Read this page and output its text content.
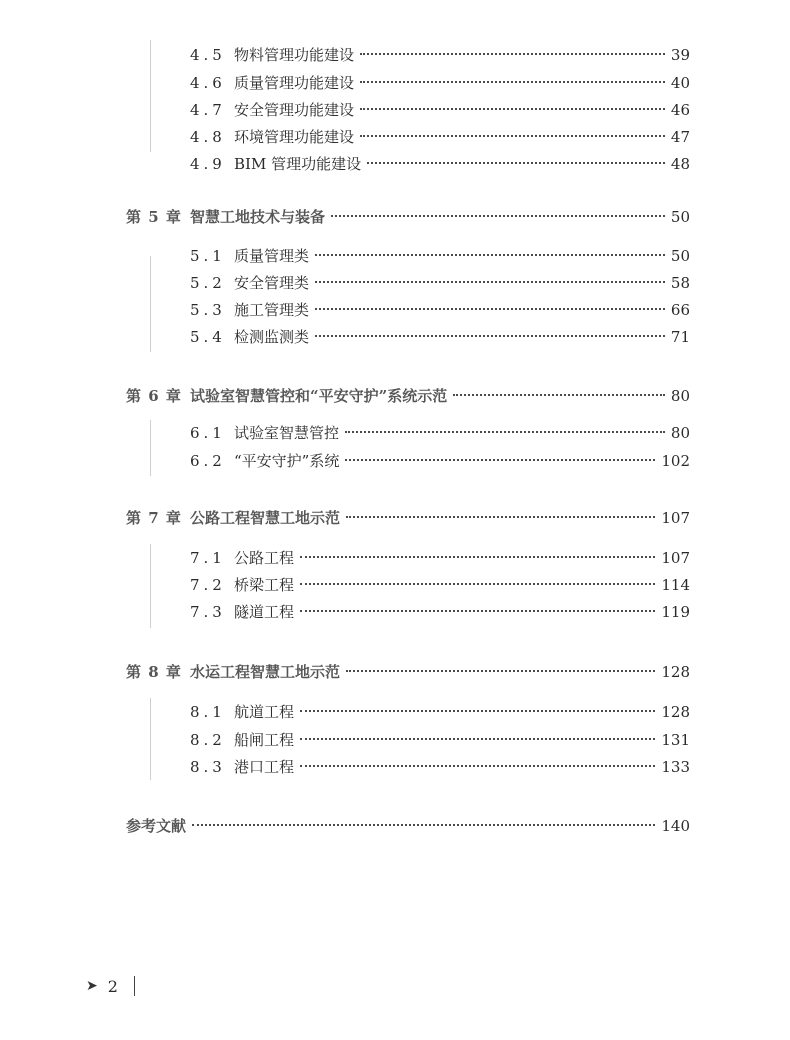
4.5 物料管理功能建设	39
4.6 质量管理功能建设	40
4.7 安全管理功能建设	46
4.8 环境管理功能建设	47
4.9 BIM 管理功能建设	48
第 5 章 智慧工地技术与装备	50
5.1 质量管理类	50
5.2 安全管理类	58
5.3 施工管理类	66
5.4 检测监测类	71
第 6 章 试验室智慧管控和“平安守护”系统示范	80
6.1 试验室智慧管控	80
6.2 “平安守护”系统	102
第 7 章 公路工程智慧工地示范	107
7.1 公路工程	107
7.2 桥梁工程	114
7.3 隧道工程	119
第 8 章 水运工程智慧工地示范	128
8.1 航道工程	128
8.2 船闸工程	131
8.3 港口工程	133
参考文献	140
➤ 2
